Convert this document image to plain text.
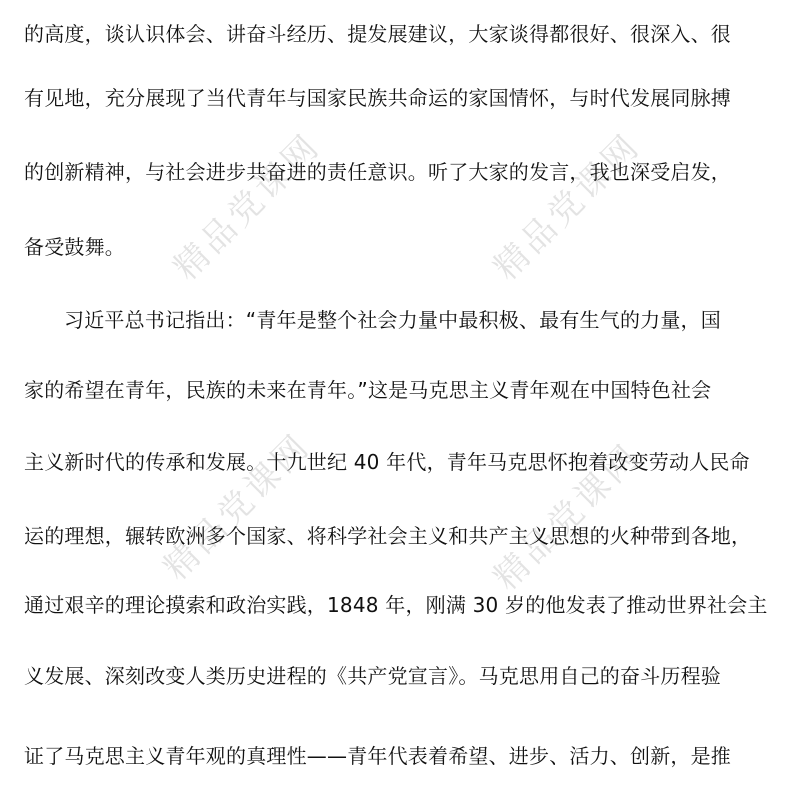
精品党课网	精品党课网
精品党课网	精品党课网
的高度，谈认识体会、讲奋斗经历、提发展建议，大家谈得都很好、很深入、很
有见地，充分展现了当代青年与国家民族共命运的家国情怀，与时代发展同脉搏
的创新精神，与社会进步共奋进的责任意识。听了大家的发言，我也深受启发，
备受鼓舞。
习近平总书记指出：“青年是整个社会力量中最积极、最有生气的力量，国
家的希望在青年，民族的未来在青年。”这是马克思主义青年观在中国特色社会
主义新时代的传承和发展。十九世纪 40 年代，青年马克思怀抱着改变劳动人民命
运的理想，辗转欧洲多个国家、将科学社会主义和共产主义思想的火种带到各地，
通过艰辛的理论摸索和政治实践，1848 年，刚满 30 岁的他发表了推动世界社会主
义发展、深刻改变人类历史进程的《共产党宣言》。马克思用自己的奋斗历程验
证了马克思主义青年观的真理性——青年代表着希望、进步、活力、创新，是推
